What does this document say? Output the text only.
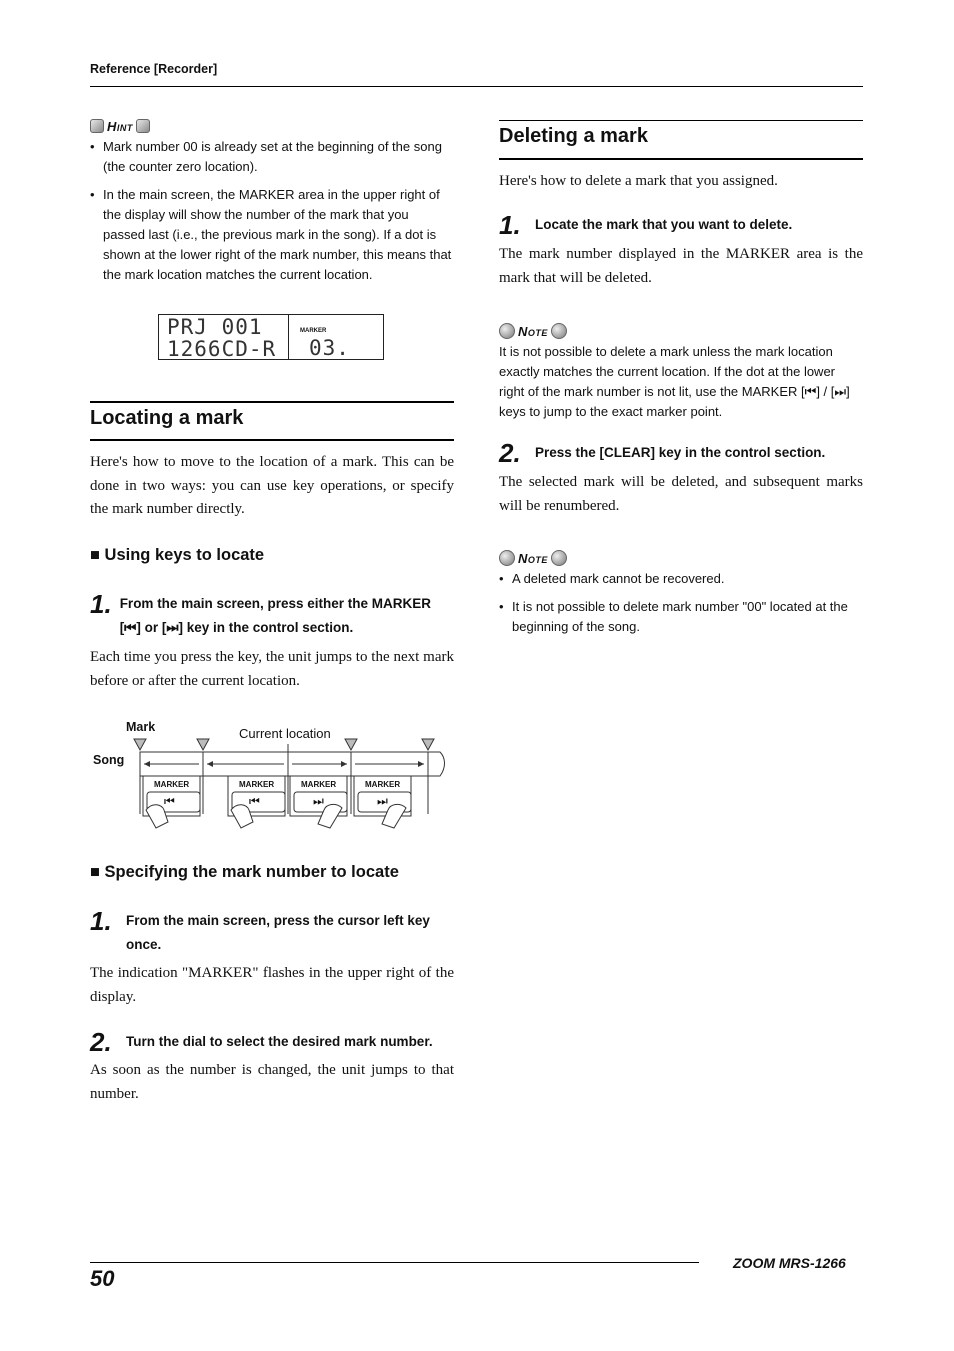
Reference [Recorder]
Hint
• Mark number 00 is already set at the beginning of the song (the counter zero location).
• In the main screen, the MARKER area in the upper right of the display will show the number of the mark that you passed last (i.e., the previous mark in the song). If a dot is shown at the lower right of the mark number, this means that the mark location matches the current location.
PRJ 001
1266CD-R
MARKER
03.
Locating a mark
Here's how to move to the location of a mark. This can be done in two ways: you can use key operations, or specify the mark number directly.
■ Using keys to locate
1. From the main screen, press either the MARKER [⏮] or [⏭] key in the control section.
Each time you press the key, the unit jumps to the next mark before or after the current location.
Mark	Current location
Song
MARKER	MARKER	MARKER	MARKER
⏮	⏮	⏭	⏭
■ Specifying the mark number to locate
1.	From the main screen, press the cursor left key once.
The indication "MARKER" flashes in the upper right of the display.
2.	Turn the dial to select the desired mark number.
As soon as the number is changed, the unit jumps to that number.
Deleting a mark
Here's how to delete a mark that you assigned.
1.	Locate the mark that you want to delete.
The mark number displayed in the MARKER area is the mark that will be deleted.
Note
It is not possible to delete a mark unless the mark location exactly matches the current location. If the dot at the lower right of the mark number is not lit, use the MARKER [⏮] / [⏭] keys to jump to the exact marker point.
2.	Press the [CLEAR] key in the control section.
The selected mark will be deleted, and subsequent marks will be renumbered.
Note
• A deleted mark cannot be recovered.
• It is not possible to delete mark number "00" located at the beginning of the song.
50
ZOOM MRS-1266
